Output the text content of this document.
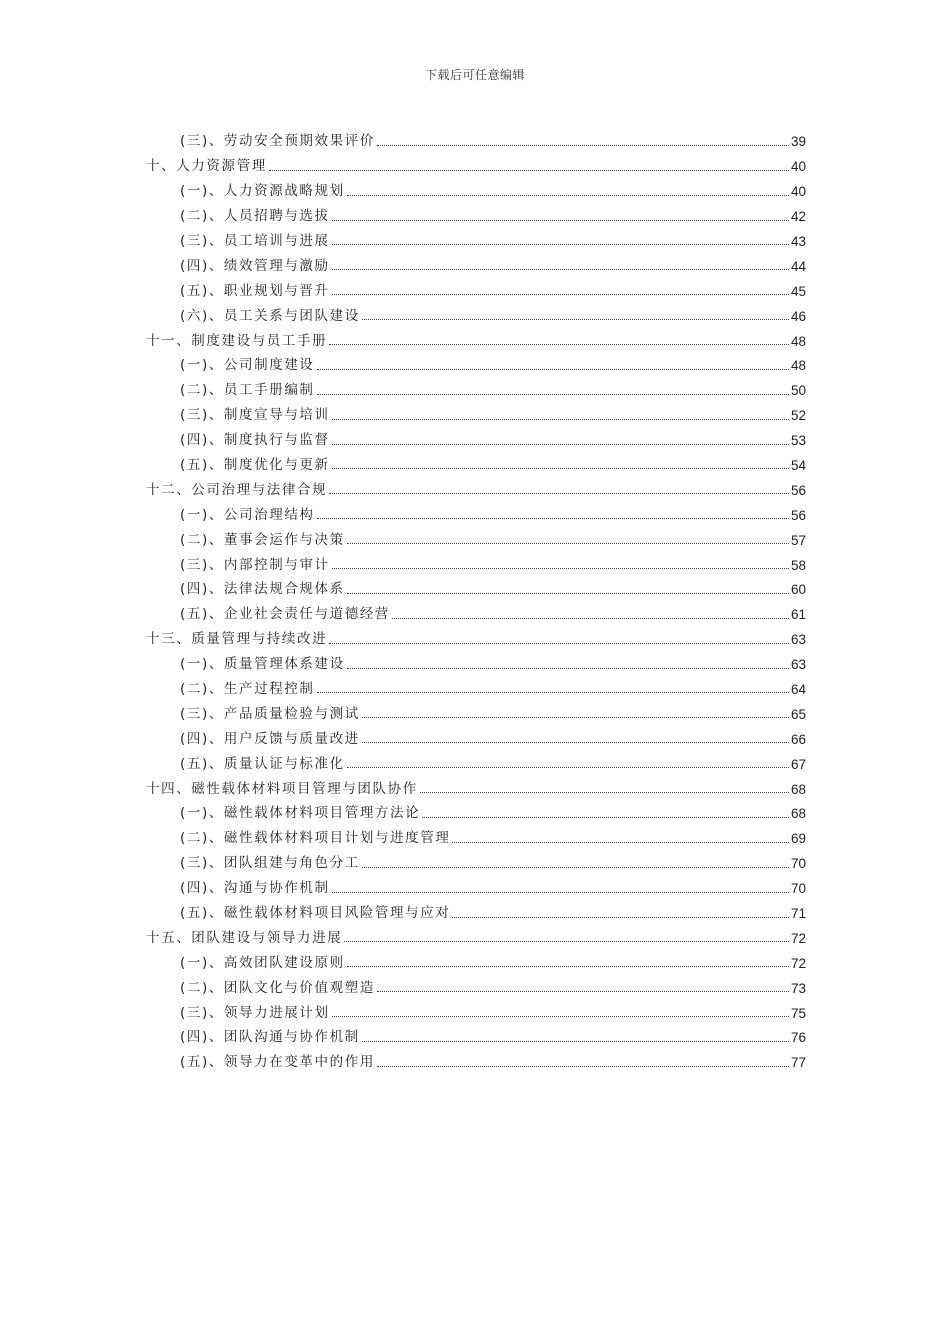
下载后可任意编辑
(三)、劳动安全预期效果评价	39
十、人力资源管理	40
(一)、人力资源战略规划	40
(二)、人员招聘与选拔	42
(三)、员工培训与进展	43
(四)、绩效管理与激励	44
(五)、职业规划与晋升	45
(六)、员工关系与团队建设	46
十一、制度建设与员工手册	48
(一)、公司制度建设	48
(二)、员工手册编制	50
(三)、制度宣导与培训	52
(四)、制度执行与监督	53
(五)、制度优化与更新	54
十二、公司治理与法律合规	56
(一)、公司治理结构	56
(二)、董事会运作与决策	57
(三)、内部控制与审计	58
(四)、法律法规合规体系	60
(五)、企业社会责任与道德经营	61
十三、质量管理与持续改进	63
(一)、质量管理体系建设	63
(二)、生产过程控制	64
(三)、产品质量检验与测试	65
(四)、用户反馈与质量改进	66
(五)、质量认证与标准化	67
十四、磁性载体材料项目管理与团队协作	68
(一)、磁性载体材料项目管理方法论	68
(二)、磁性载体材料项目计划与进度管理	69
(三)、团队组建与角色分工	70
(四)、沟通与协作机制	70
(五)、磁性载体材料项目风险管理与应对	71
十五、团队建设与领导力进展	72
(一)、高效团队建设原则	72
(二)、团队文化与价值观塑造	73
(三)、领导力进展计划	75
(四)、团队沟通与协作机制	76
(五)、领导力在变革中的作用	77
